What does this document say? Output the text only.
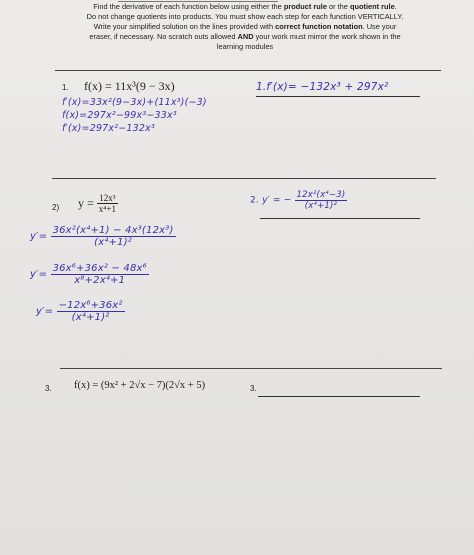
Find the derivative of each function below using either the product rule or the quotient rule.
Do not change quotients into products. You must show each step for each function VERTICALLY.
Write your simplified solution on the lines provided with correct function notation. Use your
eraser, if necessary. No scratch outs allowed AND your work must mirror the work shown in the
learning modules
1. f(x) = 11x³(9 − 3x)	1.f′(x)= −132x³ + 297x²
f′(x)=33x²(9−3x)+(11x³)(−3)
f(x)=297x²−99x³−33x³
f′(x)=297x²−132x³
2) $y = \frac{\text{12x³}}{\text{x⁴+1}}$	2. y′ = − $\frac{\text{12x²(x⁴−3)}}{\text{(x⁴+1)²}}$
$y'= \frac{\text{36x²(x⁴+1) − 4x³(12x³)}}{\text{(x⁴+1)²}}$
$y'= \frac{\text{36x⁶+36x² − 48x⁶}}{\text{x⁸+2x⁴+1}}$
$y'= \frac{\text{−12x⁶+36x²}}{\text{(x⁴+1)²}}$
3. f(x) = (9x² + 2√x − 7)(2√x + 5)	3.
